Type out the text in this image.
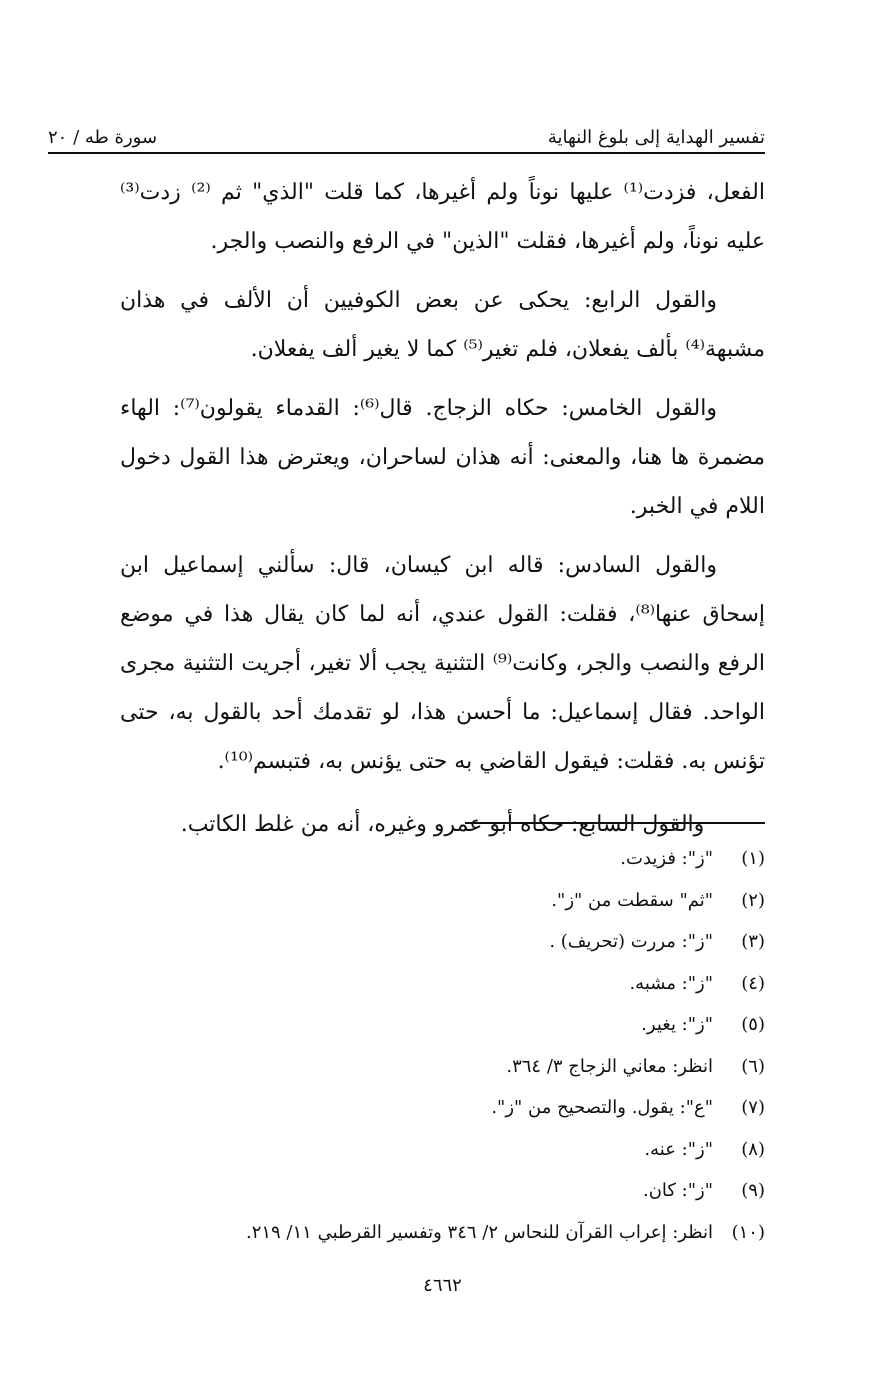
تفسير الهداية إلى بلوغ النهاية
سورة طه / ٢٠

الفعل، فزدت⁽¹⁾ عليها نوناً ولم أغيرها، كما قلت "الذي" ثم ⁽²⁾ زدت⁽³⁾ عليه نوناً، ولم أغيرها، فقلت "الذين" في الرفع والنصب والجر.

والقول الرابع: يحكى عن بعض الكوفيين أن الألف في هذان مشبهة⁽⁴⁾ بألف يفعلان، فلم تغير⁽⁵⁾ كما لا يغير ألف يفعلان.

والقول الخامس: حكاه الزجاج. قال⁽⁶⁾: القدماء يقولون⁽⁷⁾: الهاء مضمرة ها هنا، والمعنى: أنه هذان لساحران، ويعترض هذا القول دخول اللام في الخبر.

والقول السادس: قاله ابن كيسان، قال: سألني إسماعيل ابن إسحاق عنها⁽⁸⁾، فقلت: القول عندي، أنه لما كان يقال هذا في موضع الرفع والنصب والجر، وكانت⁽⁹⁾ التثنية يجب ألا تغير، أجريت التثنية مجرى الواحد. فقال إسماعيل: ما أحسن هذا، لو تقدمك أحد بالقول به، حتى تؤنس به. فقلت: فيقول القاضي به حتى يؤنس به، فتبسم⁽¹⁰⁾.

والقول السابع: حكاه أبو عمرو وغيره، أنه من غلط الكاتب.

(١)"ز": فزيدت.
(٢)"ثم" سقطت من "ز".
(٣)"ز": مررت (تحريف) .
(٤)"ز": مشبه.
(٥)"ز": يغير.
(٦)انظر: معاني الزجاج ٣/ ٣٦٤.
(٧)"ع": يقول. والتصحيح من "ز".
(٨)"ز": عنه.
(٩)"ز": كان.
(١٠)انظر: إعراب القرآن للنحاس ٢/ ٣٤٦ وتفسير القرطبي ١١/ ٢١٩.
٤٦٦٢
